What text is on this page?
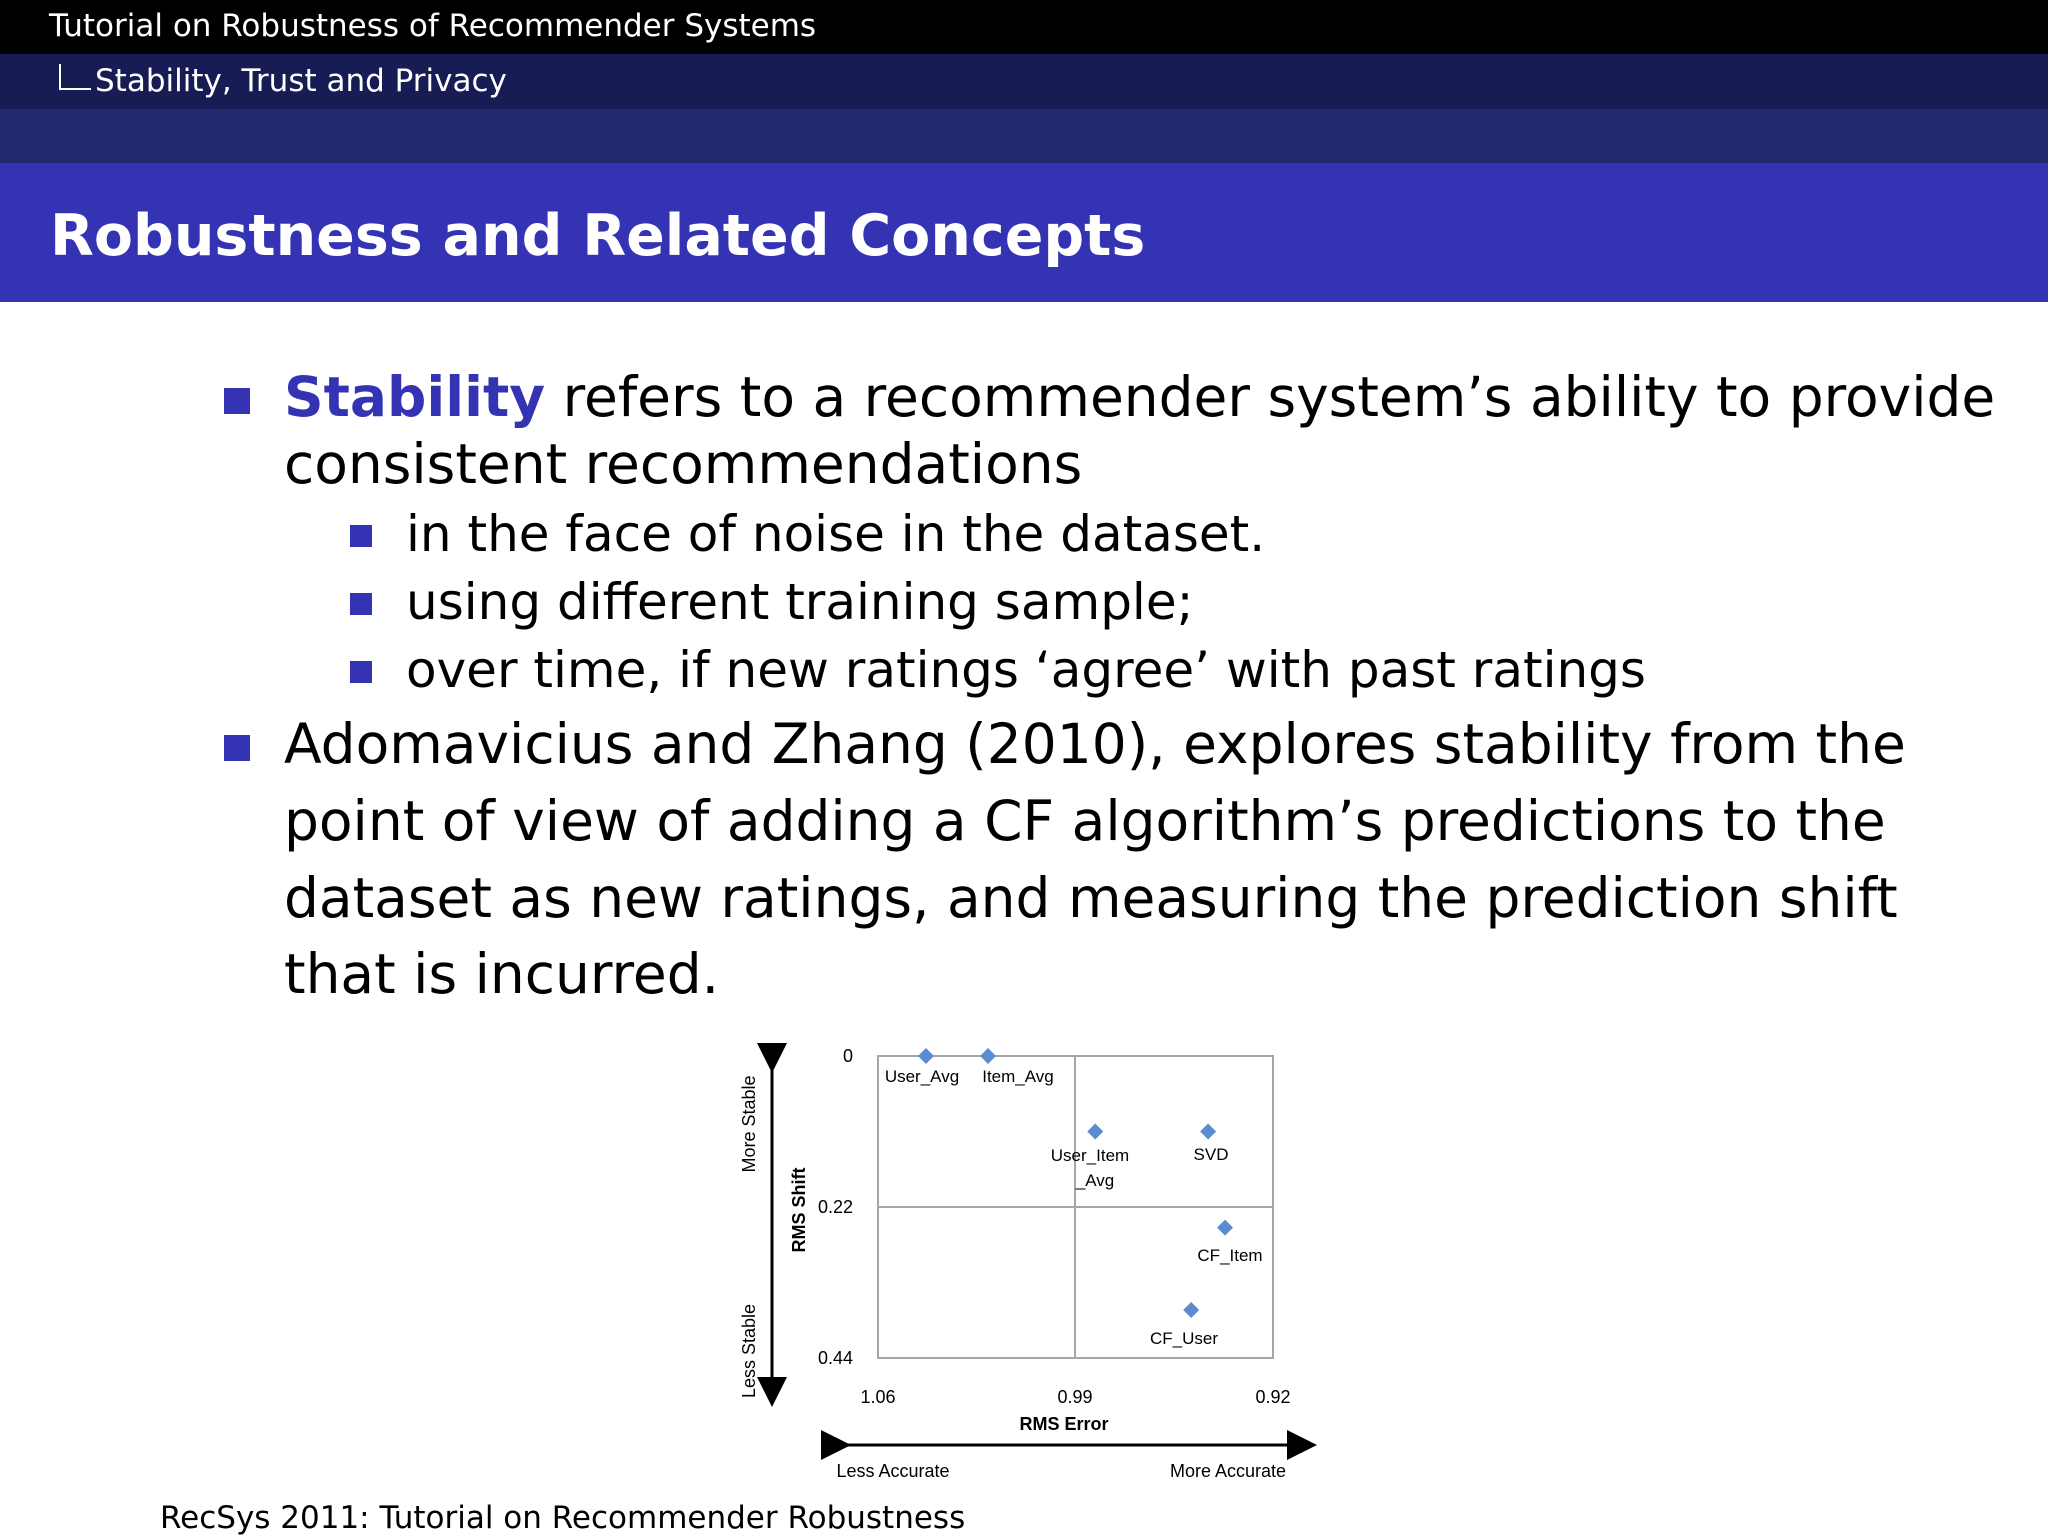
Tutorial on Robustness of Recommender Systems
Stability, Trust and Privacy
Robustness and Related Concepts
Stability refers to a recommender system’s ability to provide
consistent recommendations
in the face of noise in the dataset.
using different training sample;
over time, if new ratings ‘agree’ with past ratings
Adomavicius and Zhang (2010), explores stability from the
point of view of adding a CF algorithm’s predictions to the
dataset as new ratings, and measuring the prediction shift
that is incurred.
More Stable
Less Stable
RMS Shift
0
0.22
0.44
1.06	0.99	0.92
RMS Error
Less Accurate	More Accurate
User_Avg Item_Avg
User_Item
_Avg
SVD
CF_Item
CF_User
RecSys 2011: Tutorial on Recommender Robustness
